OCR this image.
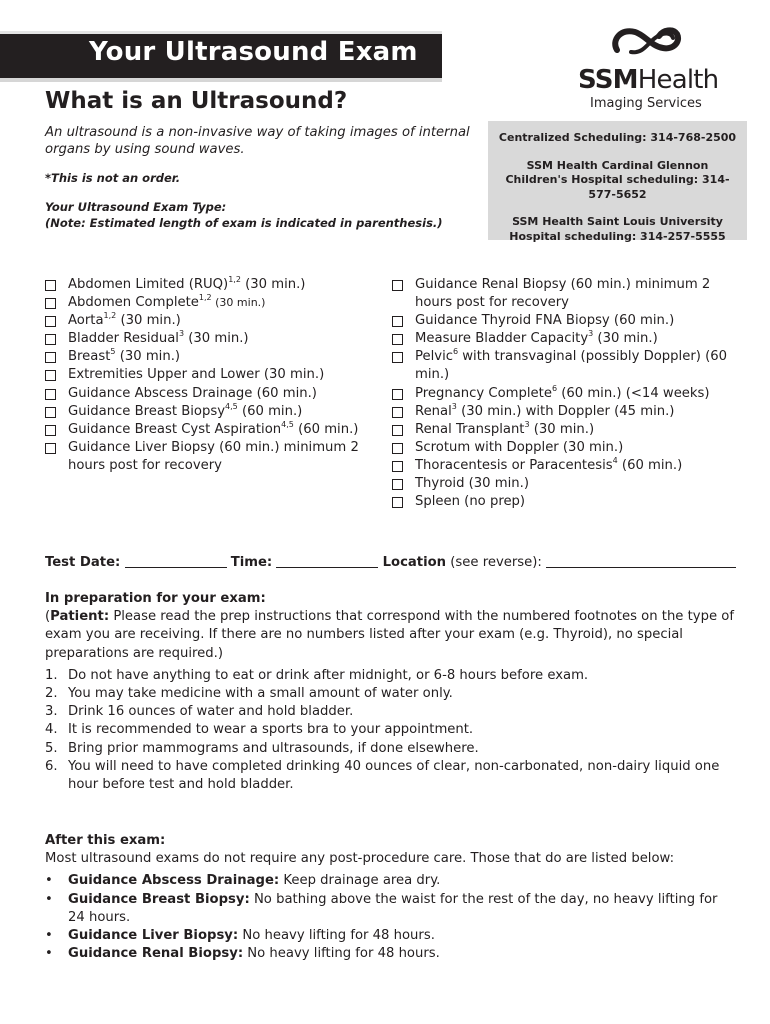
Your Ultrasound Exam
SSMHealth
Imaging Services
What is an Ultrasound?
An ultrasound is a non-invasive way of taking images of internal organs by using sound waves.
*This is not an order.
Your Ultrasound Exam Type:
(Note: Estimated length of exam is indicated in parenthesis.)

Centralized Scheduling: 314-768-2500

SSM Health Cardinal Glennon Children's Hospital scheduling: 314-577-5652

SSM Health Saint Louis University Hospital scheduling: 314-257-5555

Abdomen Limited (RUQ)$^{1,2}$ (30 min.)
Abdomen Complete$^{1,2}$ (30 min.)
Aorta$^{1,2}$ (30 min.)
Bladder Residual$^3$ (30 min.)
Breast$^5$ (30 min.)
Extremities Upper and Lower (30 min.)
Guidance Abscess Drainage (60 min.)
Guidance Breast Biopsy$^{4,5}$ (60 min.)
Guidance Breast Cyst Aspiration$^{4,5}$ (60 min.)
Guidance Liver Biopsy (60 min.) minimum 2 hours post for recovery
Guidance Renal Biopsy (60 min.) minimum 2 hours post for recovery
Guidance Thyroid FNA Biopsy (60 min.)
Measure Bladder Capacity$^3$ (30 min.)
Pelvic$^6$ with transvaginal (possibly Doppler) (60 min.)
Pregnancy Complete$^6$ (60 min.) (<14 weeks)
Renal$^3$ (30 min.) with Doppler (45 min.)
Renal Transplant$^3$ (30 min.)
Scrotum with Doppler (30 min.)
Thoracentesis or Paracentesis$^4$ (60 min.)
Thyroid (30 min.)
Spleen (no prep)
Test Date:	Time:	Location (see reverse):

In preparation for your exam:

(Patient: Please read the prep instructions that correspond with the numbered footnotes on the type of exam you are receiving. If there are no numbers listed after your exam (e.g. Thyroid), no special preparations are required.)

1. Do not have anything to eat or drink after midnight, or 6-8 hours before exam.
2. You may take medicine with a small amount of water only.
3. Drink 16 ounces of water and hold bladder.
4. It is recommended to wear a sports bra to your appointment.
5. Bring prior mammograms and ultrasounds, if done elsewhere.
6. You will need to have completed drinking 40 ounces of clear, non-carbonated, non-dairy liquid one hour before test and hold bladder.

After this exam:

Most ultrasound exams do not require any post-procedure care. Those that do are listed below:

•	Guidance Abscess Drainage: Keep drainage area dry.
•	Guidance Breast Biopsy: No bathing above the waist for the rest of the day, no heavy lifting for 24 hours.
•	Guidance Liver Biopsy: No heavy lifting for 48 hours.
•	Guidance Renal Biopsy: No heavy lifting for 48 hours.
